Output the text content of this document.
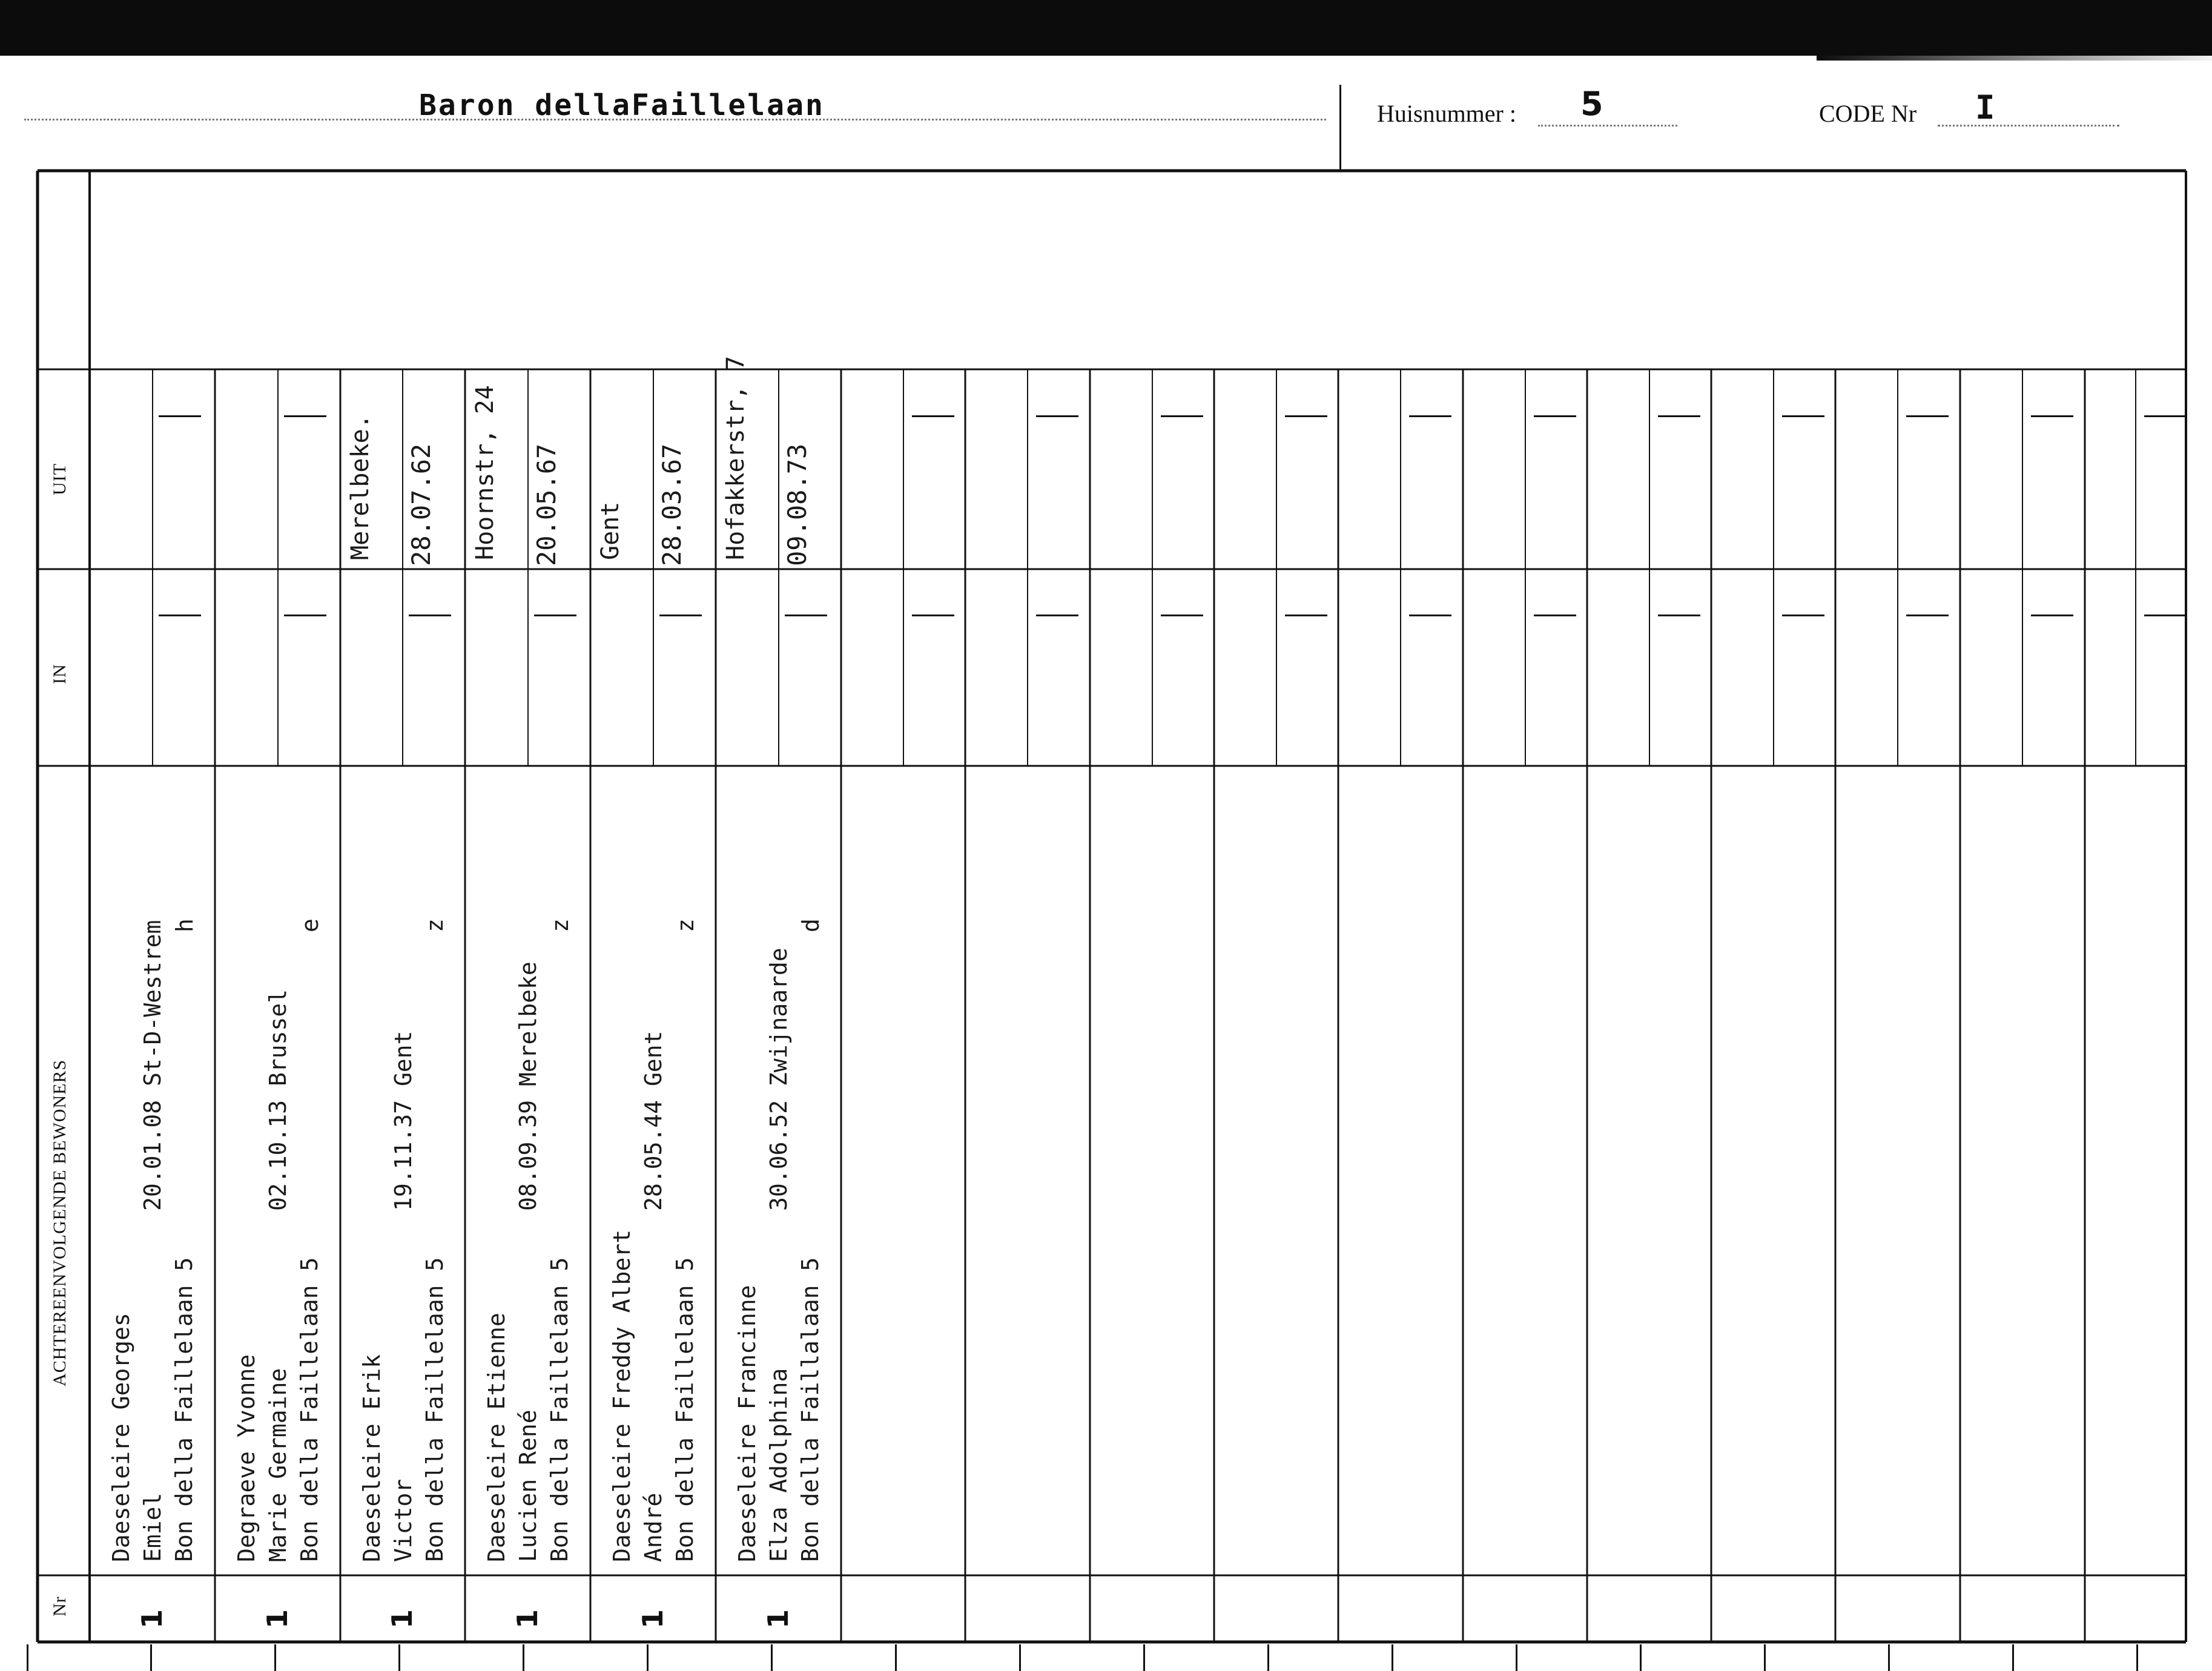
Baron dellaFaillelaan	Huisnummer : 5	CODE Nr I
UIT
IN
ACHTEREENVOLGENDE BEWONERS
Nr
Daeseleire Georges Emiel Bon della Faillelaan 5
20.01.08 St-D-Westrem h
1
Degraeve Yvonne Marie Germaine Bon della Faillelaan 5
02.10.13 Brussel
e
1
Daeseleire Erik Victor Bon della Faillelaan 5
19.11.37 Gent
z
1
Merelbeke. 28.07.62
Daeseleire Etienne Lucien René Bon della Faillelaan 5
08.09.39 Merelbeke
z
1
Hoornstr, 24 20.05.67
Daeseleire Freddy Albert André Bon della Faillelaan 5
28.05.44 Gent
z
1
Gent 28.03.67
Daeseleire Francinne Elza Adolphina Bon della Faillalaan 5
30.06.52 Zwijnaarde
d
1
Hofakkerstr, 7 09.08.73
